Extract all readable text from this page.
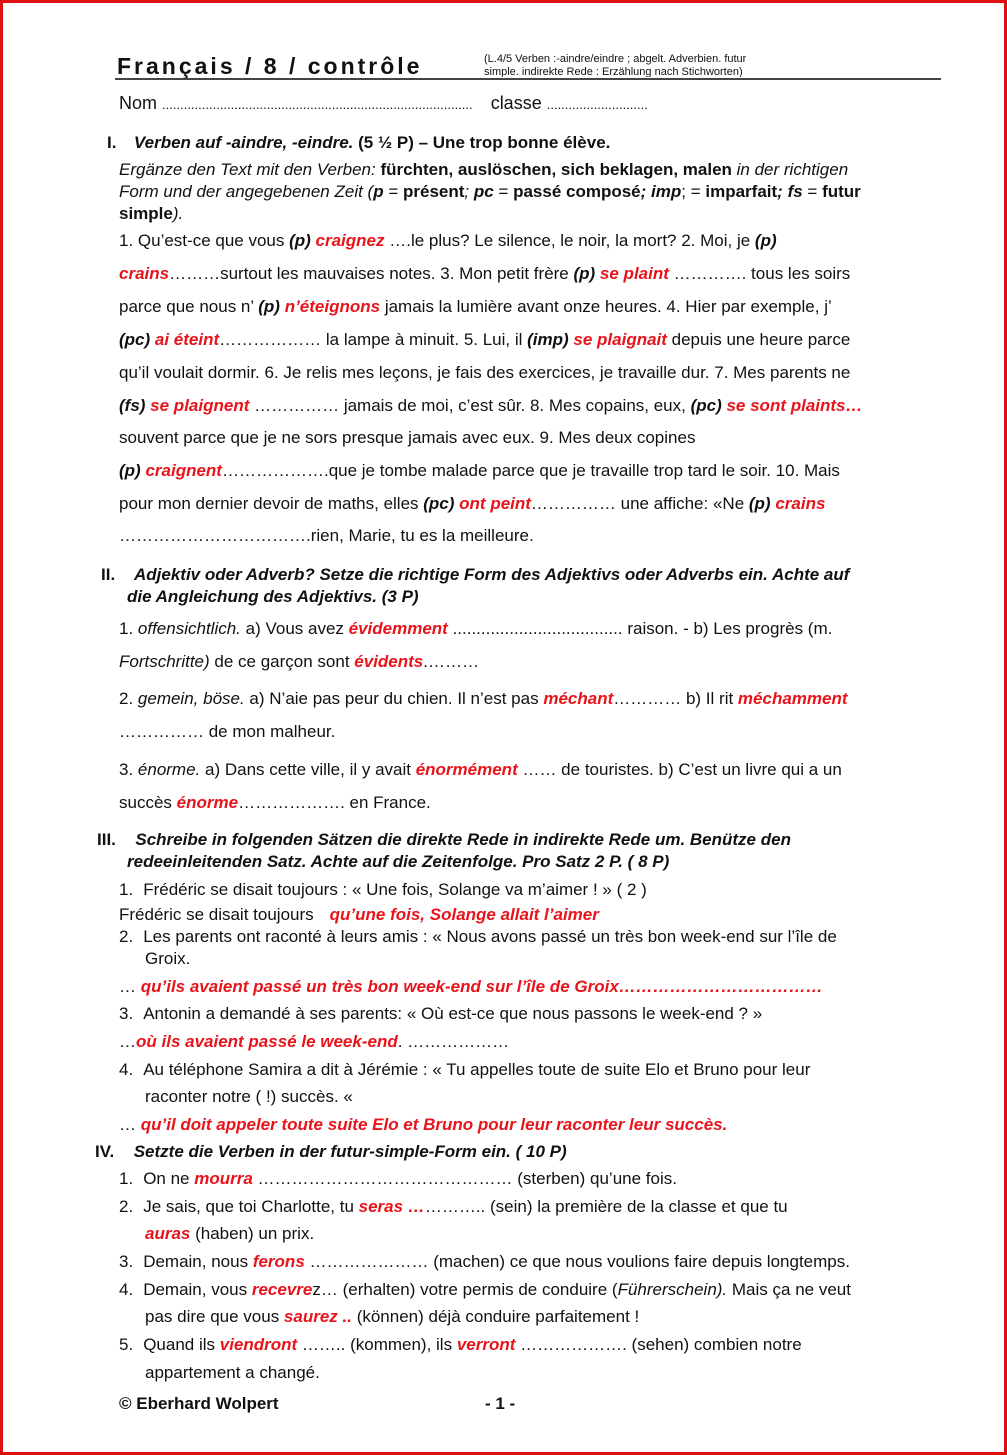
Français / 8 / contrôle	(L.4/5 Verben :-aindre/eindre ; abgelt. Adverbien. futur
simple. indirekte Rede : Erzählung nach Stichworten)
Nom ...................................................................................... classe ............................
I. Verben auf -aindre, -eindre. (5 ½ P) – Une trop bonne élève.
Ergänze den Text mit den Verben: fürchten, auslöschen, sich beklagen, malen in der richtigen
Form und der angegebenen Zeit (p = présent; pc = passé composé; imp; = imparfait; fs = futur
simple).
1. Qu’est-ce que vous (p) craignez ….le plus? Le silence, le noir, la mort? 2. Moi, je (p)
crains………surtout les mauvaises notes. 3. Mon petit frère (p) se plaint …………. tous les soirs
parce que nous n’ (p) n’éteignons jamais la lumière avant onze heures. 4. Hier par exemple, j’
(pc) ai éteint……………… la lampe à minuit. 5. Lui, il (imp) se plaignait depuis une heure parce
qu’il voulait dormir. 6. Je relis mes leçons, je fais des exercices, je travaille dur. 7. Mes parents ne
(fs) se plaignent …………… jamais de moi, c’est sûr. 8. Mes copains, eux, (pc) se sont plaints…
souvent parce que je ne sors presque jamais avec eux. 9. Mes deux copines
(p) craignent……………….que je tombe malade parce que je travaille trop tard le soir. 10. Mais
pour mon dernier devoir de maths, elles (pc) ont peint…………… une affiche: «Ne (p) crains
…………………………….rien, Marie, tu es la meilleure.
II. Adjektiv oder Adverb? Setze die richtige Form des Adjektivs oder Adverbs ein. Achte auf
die Angleichung des Adjektivs. (3 P)
1. offensichtlich. a) Vous avez évidemment .................................... raison. - b) Les progrès (m.
Fortschritte) de ce garçon sont évidents.………
2. gemein, böse. a) N’aie pas peur du chien. Il n’est pas méchant………… b) Il rit méchamment
…………… de mon malheur.
3. énorme. a) Dans cette ville, il y avait énormément …… de touristes. b) C’est un livre qui a un
succès énorme………………. en France.
III. Schreibe in folgenden Sätzen die direkte Rede in indirekte Rede um. Benütze den
redeeinleitenden Satz. Achte auf die Zeitenfolge. Pro Satz 2 P. ( 8 P)
1. Frédéric se disait toujours : « Une fois, Solange va m’aimer ! » ( 2 )
Frédéric se disait toujours qu’une fois, Solange allait l’aimer
2. Les parents ont raconté à leurs amis : « Nous avons passé un très bon week-end sur l’île de
Groix.
… qu’ils avaient passé un très bon week-end sur l’île de Groix………………………………
3. Antonin a demandé à ses parents: « Où est-ce que nous passons le week-end ? »
…où ils avaient passé le week-end. ………………
4. Au téléphone Samira a dit à Jérémie : « Tu appelles toute de suite Elo et Bruno pour leur
raconter notre ( !) succès. «
… qu’il doit appeler toute suite Elo et Bruno pour leur raconter leur succès.
IV. Setzte die Verben in der futur-simple-Form ein. ( 10 P)
1. On ne mourra ……………………………………… (sterben) qu’une fois.
2. Je sais, que toi Charlotte, tu seras ………….. (sein) la première de la classe et que tu
auras (haben) un prix.
3. Demain, nous ferons ………………… (machen) ce que nous voulions faire depuis longtemps.
4. Demain, vous recevrez… (erhalten) votre permis de conduire (Führerschein). Mais ça ne veut
pas dire que vous saurez .. (können) déjà conduire parfaitement !
5. Quand ils viendront …….. (kommen), ils verront ………………. (sehen) combien notre
appartement a changé.
© Eberhard Wolpert	- 1 -
